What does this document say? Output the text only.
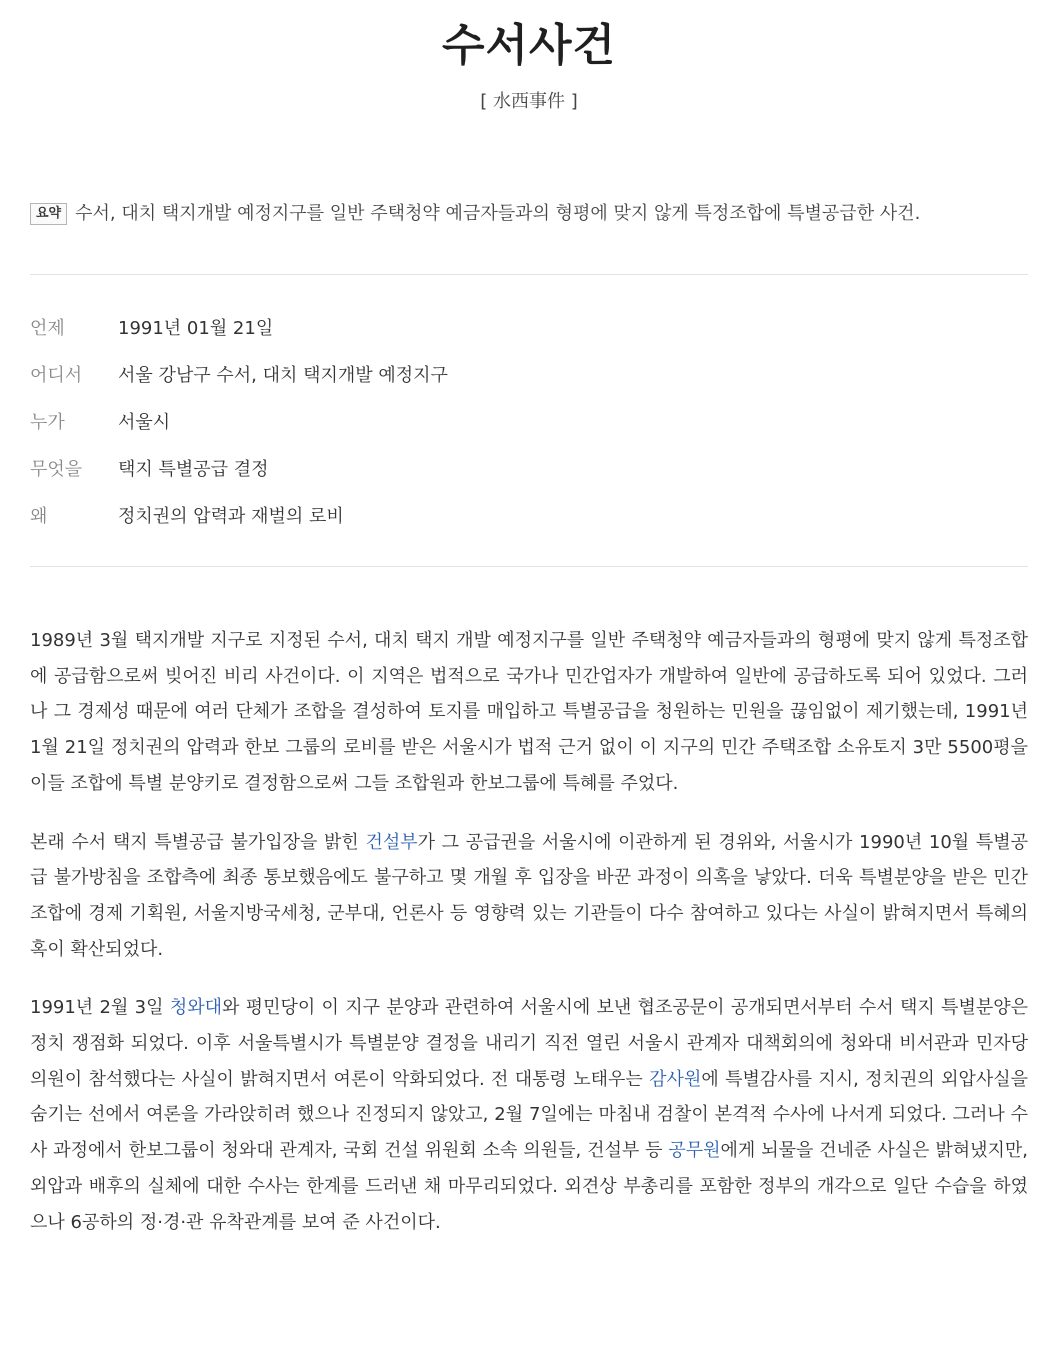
수서사건
[ 水西事件 ]
요약 수서, 대치 택지개발 예정지구를 일반 주택청약 예금자들과의 형평에 맞지 않게 특정조합에 특별공급한 사건.
언제	1991년 01월 21일
어디서	서울 강남구 수서, 대치 택지개발 예정지구
누가	서울시
무엇을	택지 특별공급 결정
왜	정치권의 압력과 재벌의 로비

1989년 3월 택지개발 지구로 지정된 수서, 대치 택지 개발 예정지구를 일반 주택청약 예금자들과의 형평에 맞지 않게 특정조합에 공급함으로써 빚어진 비리 사건이다. 이 지역은 법적으로 국가나 민간업자가 개발하여 일반에 공급하도록 되어 있었다. 그러나 그 경제성 때문에 여러 단체가 조합을 결성하여 토지를 매입하고 특별공급을 청원하는 민원을 끊임없이 제기했는데, 1991년 1월 21일 정치권의 압력과 한보 그룹의 로비를 받은 서울시가 법적 근거 없이 이 지구의 민간 주택조합 소유토지 3만 5500평을 이들 조합에 특별 분양키로 결정함으로써 그들 조합원과 한보그룹에 특혜를 주었다.

본래 수서 택지 특별공급 불가입장을 밝힌 건설부가 그 공급권을 서울시에 이관하게 된 경위와, 서울시가 1990년 10월 특별공급 불가방침을 조합측에 최종 통보했음에도 불구하고 몇 개월 후 입장을 바꾼 과정이 의혹을 낳았다. 더욱 특별분양을 받은 민간조합에 경제 기획원, 서울지방국세청, 군부대, 언론사 등 영향력 있는 기관들이 다수 참여하고 있다는 사실이 밝혀지면서 특혜의혹이 확산되었다.

1991년 2월 3일 청와대와 평민당이 이 지구 분양과 관련하여 서울시에 보낸 협조공문이 공개되면서부터 수서 택지 특별분양은 정치 쟁점화 되었다. 이후 서울특별시가 특별분양 결정을 내리기 직전 열린 서울시 관계자 대책회의에 청와대 비서관과 민자당 의원이 참석했다는 사실이 밝혀지면서 여론이 악화되었다. 전 대통령 노태우는 감사원에 특별감사를 지시, 정치권의 외압사실을 숨기는 선에서 여론을 가라앉히려 했으나 진정되지 않았고, 2월 7일에는 마침내 검찰이 본격적 수사에 나서게 되었다. 그러나 수사 과정에서 한보그룹이 청와대 관계자, 국회 건설 위원회 소속 의원들, 건설부 등 공무원에게 뇌물을 건네준 사실은 밝혀냈지만, 외압과 배후의 실체에 대한 수사는 한계를 드러낸 채 마무리되었다. 외견상 부총리를 포함한 정부의 개각으로 일단 수습을 하였으나 6공하의 정·경·관 유착관계를 보여 준 사건이다.
